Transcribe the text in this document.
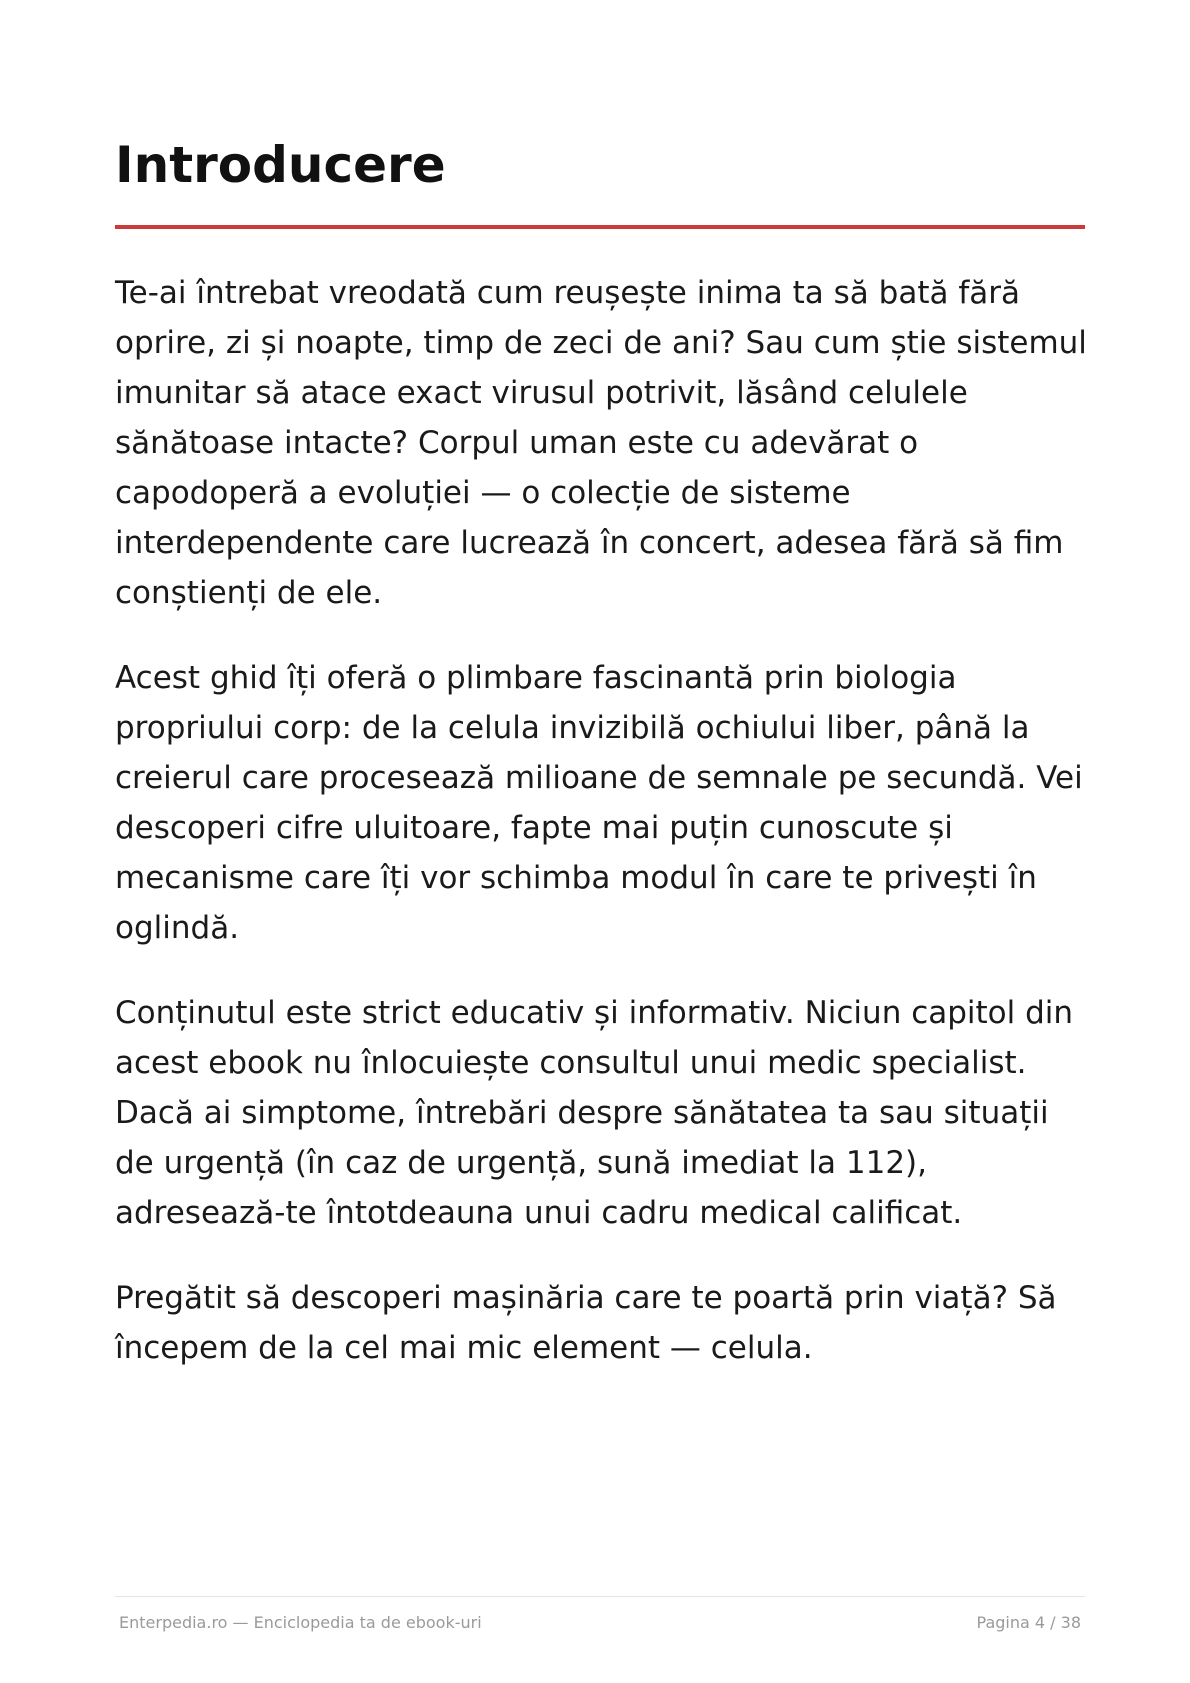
Introducere

Te-ai întrebat vreodată cum reușește inima ta să bată fără oprire, zi și noapte, timp de zeci de ani? Sau cum știe sistemul imunitar să atace exact virusul potrivit, lăsând celulele sănătoase intacte? Corpul uman este cu adevărat o capodoperă a evoluției — o colecție de sisteme interdependente care lucrează în concert, adesea fără să fim conștienți de ele.

Acest ghid îți oferă o plimbare fascinantă prin biologia propriului corp: de la celula invizibilă ochiului liber, până la creierul care procesează milioane de semnale pe secundă. Vei descoperi cifre uluitoare, fapte mai puțin cunoscute și mecanisme care îți vor schimba modul în care te privești în oglindă.

Conținutul este strict educativ și informativ. Niciun capitol din acest ebook nu înlocuiește consultul unui medic specialist. Dacă ai simptome, întrebări despre sănătatea ta sau situații de urgență (în caz de urgență, sună imediat la 112), adresează-te întotdeauna unui cadru medical calificat.

Pregătit să descoperi mașinăria care te poartă prin viață? Să începem de la cel mai mic element — celula.

Enterpedia.ro — Enciclopedia ta de ebook-uri	Pagina 4 / 38
